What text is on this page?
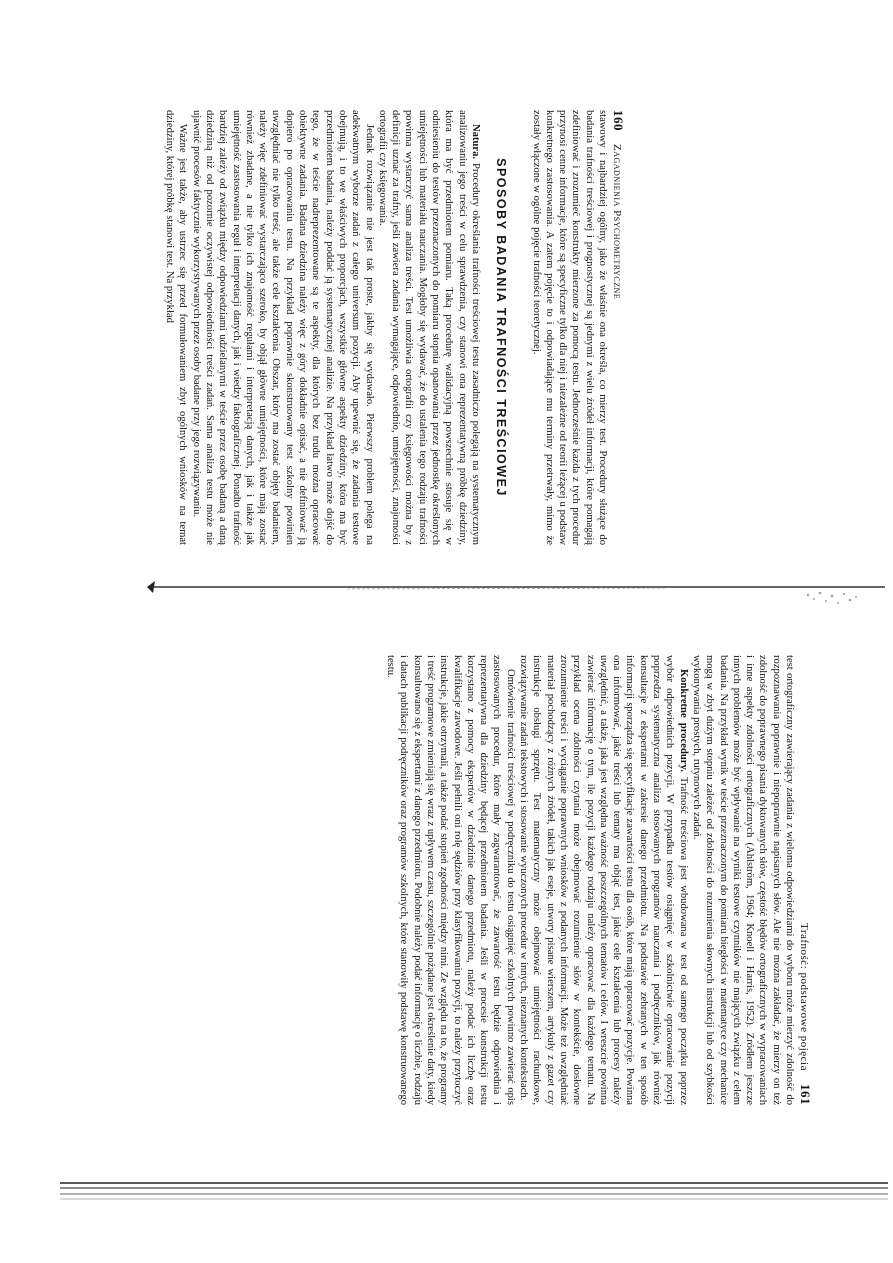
160    Zagadnienia Psychometryczne

stawowy i najbardziej ogólny, jako że właśnie ona określa, co mierzy test. Procedury służące do badania trafności treściowej i prognostycznej są jednymi z wielu źródeł informacji, które pomagają zdefiniować i zrozumieć konstrukty mierzone za pomocą testu. Jednocześnie każda z tych procedur przynosi cenne informacje, które są specyficzne tylko dla niej i niezależne od teorii leżącej u podstaw konkretnego zastosowania. A zatem pojęcie to i odpowiadające mu terminy przetrwały, mimo że zostały włączone w ogólne pojęcie trafności teoretycznej.

SPOSOBY BADANIA TRAFNOŚCI TREŚCIOWEJ

Natura. Procedury określania trafności treściowej testu zasadniczo polegają na systematycznym analizowaniu jego treści w celu sprawdzenia, czy stanowi ona reprezentatywną próbkę dziedziny, która ma być przedmiotem pomiaru. Taką procedurę walidacyjną powszechnie stosuje się w odniesieniu do testów przeznaczonych do pomiaru stopnia opanowania przez jednostkę określonych umiejętności lub materiału nauczania. Mogłoby się wydawać, że do ustalenia tego rodzaju trafności powinna wystarczyć sama analiza treści. Test umożliwia ortografii czy księgowości można by z definicji uznać za trafny, jeśli zawiera zadania wymagające, odpowiednio, umiejętności, znajomości ortografii czy księgowania.

Jednak rozwiązanie nie jest tak proste, jakby się wydawało. Pierwszy problem polega na adekwatnym wyborze zadań z całego universum pozycji. Aby upewnić się, że zadania testowe obejmują, i to we właściwych proporcjach, wszystkie główne aspekty dziedziny, która ma być przedmiotem badania, należy poddać ją systematycznej analizie. Na przykład łatwo może dojść do tego, że w teście nadreprezentowane są te aspekty, dla których bez trudu można opracować obiektywne zadania. Badana dziedzina należy więc z góry dokładnie opisać, a nie definiować ją dopiero po opracowaniu testu. Na przykład poprawnie skonstruowany test szkolny powinien uwzględniać nie tylko treść, ale także cele kształcenia. Obszar, który ma zostać objęty badaniem, należy więc zdefiniować wystarczająco szeroko, by objął główne umiejętności, które mają zostać również zbadane, a nie tylko ich znajomość regułami i interpretacją danych, jak i także jak umiejętność zastosowania reguł i interpretacji danych, jak i wiedzy faktograficznej. Ponadto trafność bardziej zależy od związku między odpowiedziami udzielanymi w teście przez osobę badaną a daną dziedziną niż od pozornie oczywistej odpowiedniości treści zadań. Sama analiza testu może nie ujawnić procesów faktycznie wykorzystywanych przez osoby badane przy jego rozwiązywaniu.

Ważne jest także, aby ustrzec się przed formułowaniem zbyt ogólnych wniosków na temat dziedziny, której próbkę stanowi test. Na przykład

Trafność: podstawowe pojęcia    161

test ortograficzny zawierający zadania z wieloma odpowiedziami do wyboru może mierzyć zdolność do rozpoznawania poprawnie i niepoprawnie napisanych słów. Ale nie można zakładać, że mierzy on też zdolność do poprawnego pisania dyktowanych słów, częstość błędów ortograficznych w wypracowaniach i inne aspekty zdolności ortograficznych (Ahlström, 1964; Knoell i Harris, 1952). Zródłem jeszcze innych problemów może być wpływanie na wyniki testowe czynników nie mających związku z celem badania. Na przykład wynik w teście przeznaczonym do pomiaru biegłości w matematyce czy mechanice mogą w zbyt dużym stopniu zależeć od zdolności do rozumienia słownych instrukcji lub od szybkości wykonywania prostych, rutynowych zadań.

Konkretne procedury. Trafność treściowa jest wbudowana w test od samego początku poprzez wybór odpowiednich pozycji. W przypadku testów osiągnięć w szkolnictwie opracowanie pozycji poprzedza systematyczna analiza stosowanych programów nauczania i podręczników, jak również konsultacje z ekspertami w zakresie danego przedmiotu. Na podstawie zebranych w ten sposób informacji sporządza się specyfikacje zawartości testu dla osób, które mają opracować pozycje. Powinna ona informować, jakie treści lub tematy ma objąć test, jakie cele kształcenia lub procesy należy uwzględnić, a także, jaka jest względna ważność poszczególnych tematów i celów. I wreszcie powinna zawierać informację o tym, ile pozycji każdego rodzaju należy opracować dla każdego tematu. Na przykład ocena zdolności czytania może obejmować rozumienie słów w kontekście, dosłowne zrozumienie treści i wyciąganie poprawnych wniosków z podanych informacji. Może też uwzględniać materiał pochodzący z różnych źródeł, takich jak eseje, utwory pisane wierszem, artykuły z gazet czy instrukcje obsługi sprzętu. Test matematyczny może obejmować umiejętności rachunkowe, rozwiązywanie zadań tekstowych i stosowanie wyuczonych procedur w innych, nieznanych kontekstach.

Omówienie trafności treściowej w podręczniku do testu osiągnięć szkolnych powinno zawierać opis zastosowanych procedur, które mały zagwarantować, że zawartość testu będzie odpowiednia i reprezentatywna dla dziedziny będącej przedmiotem badania. Jeśli w procesie konstrukcji testu korzystano z pomocy ekspertów w dziedzinie danego przedmiotu, należy podać ich liczbę oraz kwalifikacje zawodowe. Jeśli pełnili oni rolę sędziów przy klasyfikowaniu pozycji, to należy przytoczyć instrukcje, jakie otrzymali, a także podać stopień zgodności między nimi. Ze względu na to, że programy i treść programowe zmieniają się wraz z upływem czasu, szczególnie pożądane jest określenie daty, kiedy konsultowano się z ekspertami z danego przedmiotu. Podobnie należy podać informację o liczbie, rodzaju i datach publikacji podręczników oraz programów szkolnych, które stanowiły podstawę konstruowanego testu.
